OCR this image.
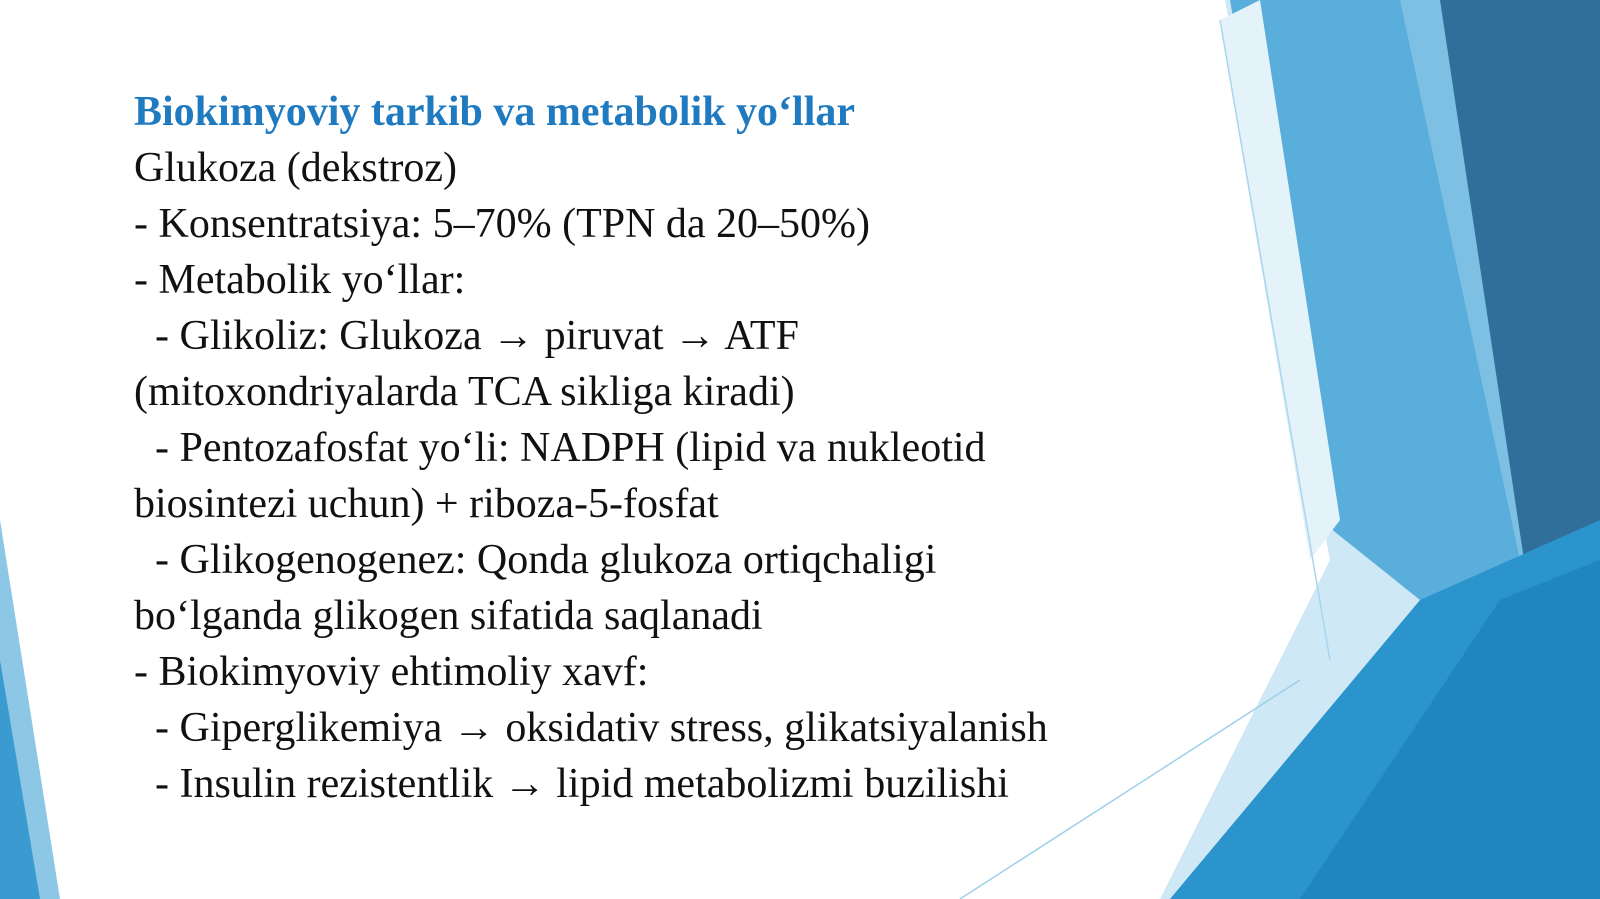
Biokimyoviy tarkib va metabolik yo‘llar

Glukoza (dekstroz)

- Konsentratsiya: 5–70% (TPN da 20–50%)

- Metabolik yo‘llar:

- Glikoliz: Glukoza → piruvat → ATF

(mitoxondriyalarda TCA sikliga kiradi)

- Pentozafosfat yo‘li: NADPH (lipid va nukleotid

biosintezi uchun) + riboza-5-fosfat

- Glikogenogenez: Qonda glukoza ortiqchaligi

bo‘lganda glikogen sifatida saqlanadi

- Biokimyoviy ehtimoliy xavf:

- Giperglikemiya → oksidativ stress, glikatsiyalanish

- Insulin rezistentlik → lipid metabolizmi buzilishi
